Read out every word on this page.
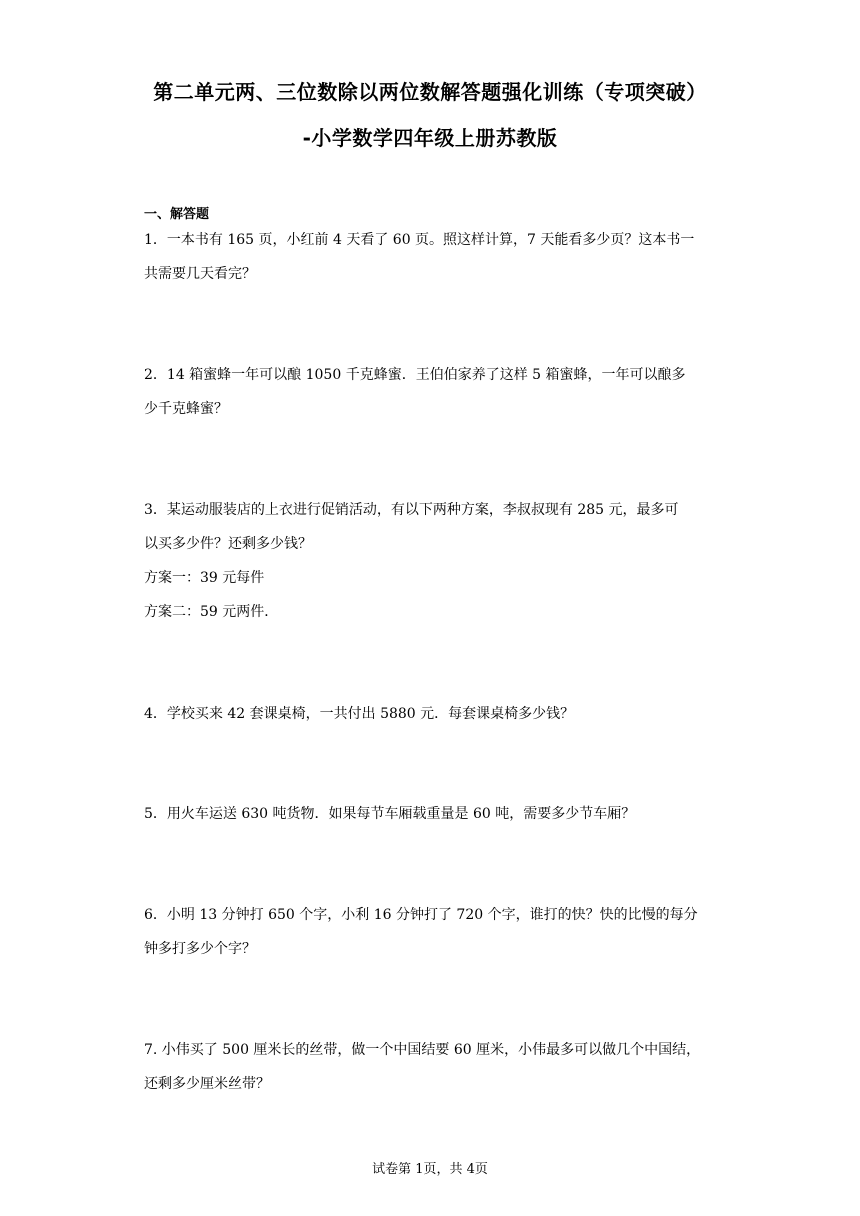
第二单元两、三位数除以两位数解答题强化训练（专项突破）
-小学数学四年级上册苏教版
一、解答题
1．一本书有 165 页，小红前 4 天看了 60 页。照这样计算，7 天能看多少页？这本书一
共需要几天看完？
2．14 箱蜜蜂一年可以酿 1050 千克蜂蜜．王伯伯家养了这样 5 箱蜜蜂，一年可以酿多
少千克蜂蜜？
3．某运动服装店的上衣进行促销活动，有以下两种方案，李叔叔现有 285 元，最多可
以买多少件？还剩多少钱？
方案一：39 元每件
方案二：59 元两件．
4．学校买来 42 套课桌椅，一共付出 5880 元．每套课桌椅多少钱？
5．用火车运送 630 吨货物．如果每节车厢载重量是 60 吨，需要多少节车厢？
6．小明 13 分钟打 650 个字，小利 16 分钟打了 720 个字，谁打的快？快的比慢的每分
钟多打多少个字？
7. 小伟买了 500 厘米长的丝带，做一个中国结要 60 厘米，小伟最多可以做几个中国结，
还剩多少厘米丝带？
试卷第 1页，共 4页
